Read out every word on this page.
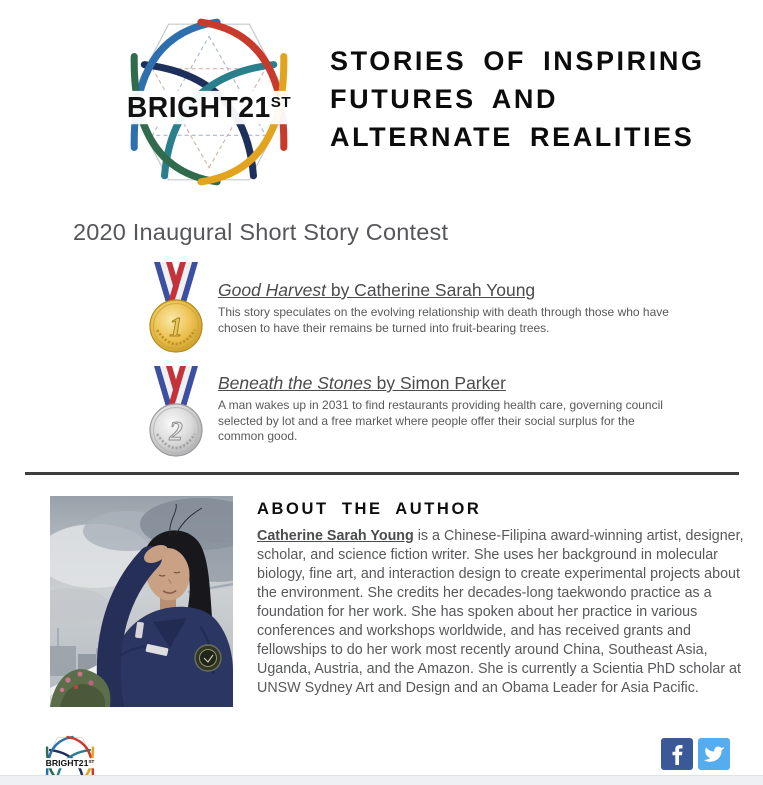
BRIGHT21ST
STORIES OF INSPIRING
FUTURES AND
ALTERNATE REALITIES
2020 Inaugural Short Story Contest
1
Good Harvest by Catherine Sarah Young
This story speculates on the evolving relationship with death through those who have chosen to have their remains be turned into fruit-bearing trees.
2
Beneath the Stones by Simon Parker
A man wakes up in 2031 to find restaurants providing health care, governing council selected by lot and a free market where people offer their social surplus for the common good.
ABOUT THE AUTHOR
Catherine Sarah Young is a Chinese-Filipina award-winning artist, designer, scholar, and science fiction writer. She uses her background in molecular biology, fine art, and interaction design to create experimental projects about the environment. She credits her decades-long taekwondo practice as a foundation for her work. She has spoken about her practice in various conferences and workshops worldwide, and has received grants and fellowships to do her work most recently around China, Southeast Asia, Uganda, Austria, and the Amazon. She is currently a Scientia PhD scholar at UNSW Sydney Art and Design and an Obama Leader for Asia Pacific.
BRIGHT21ST
